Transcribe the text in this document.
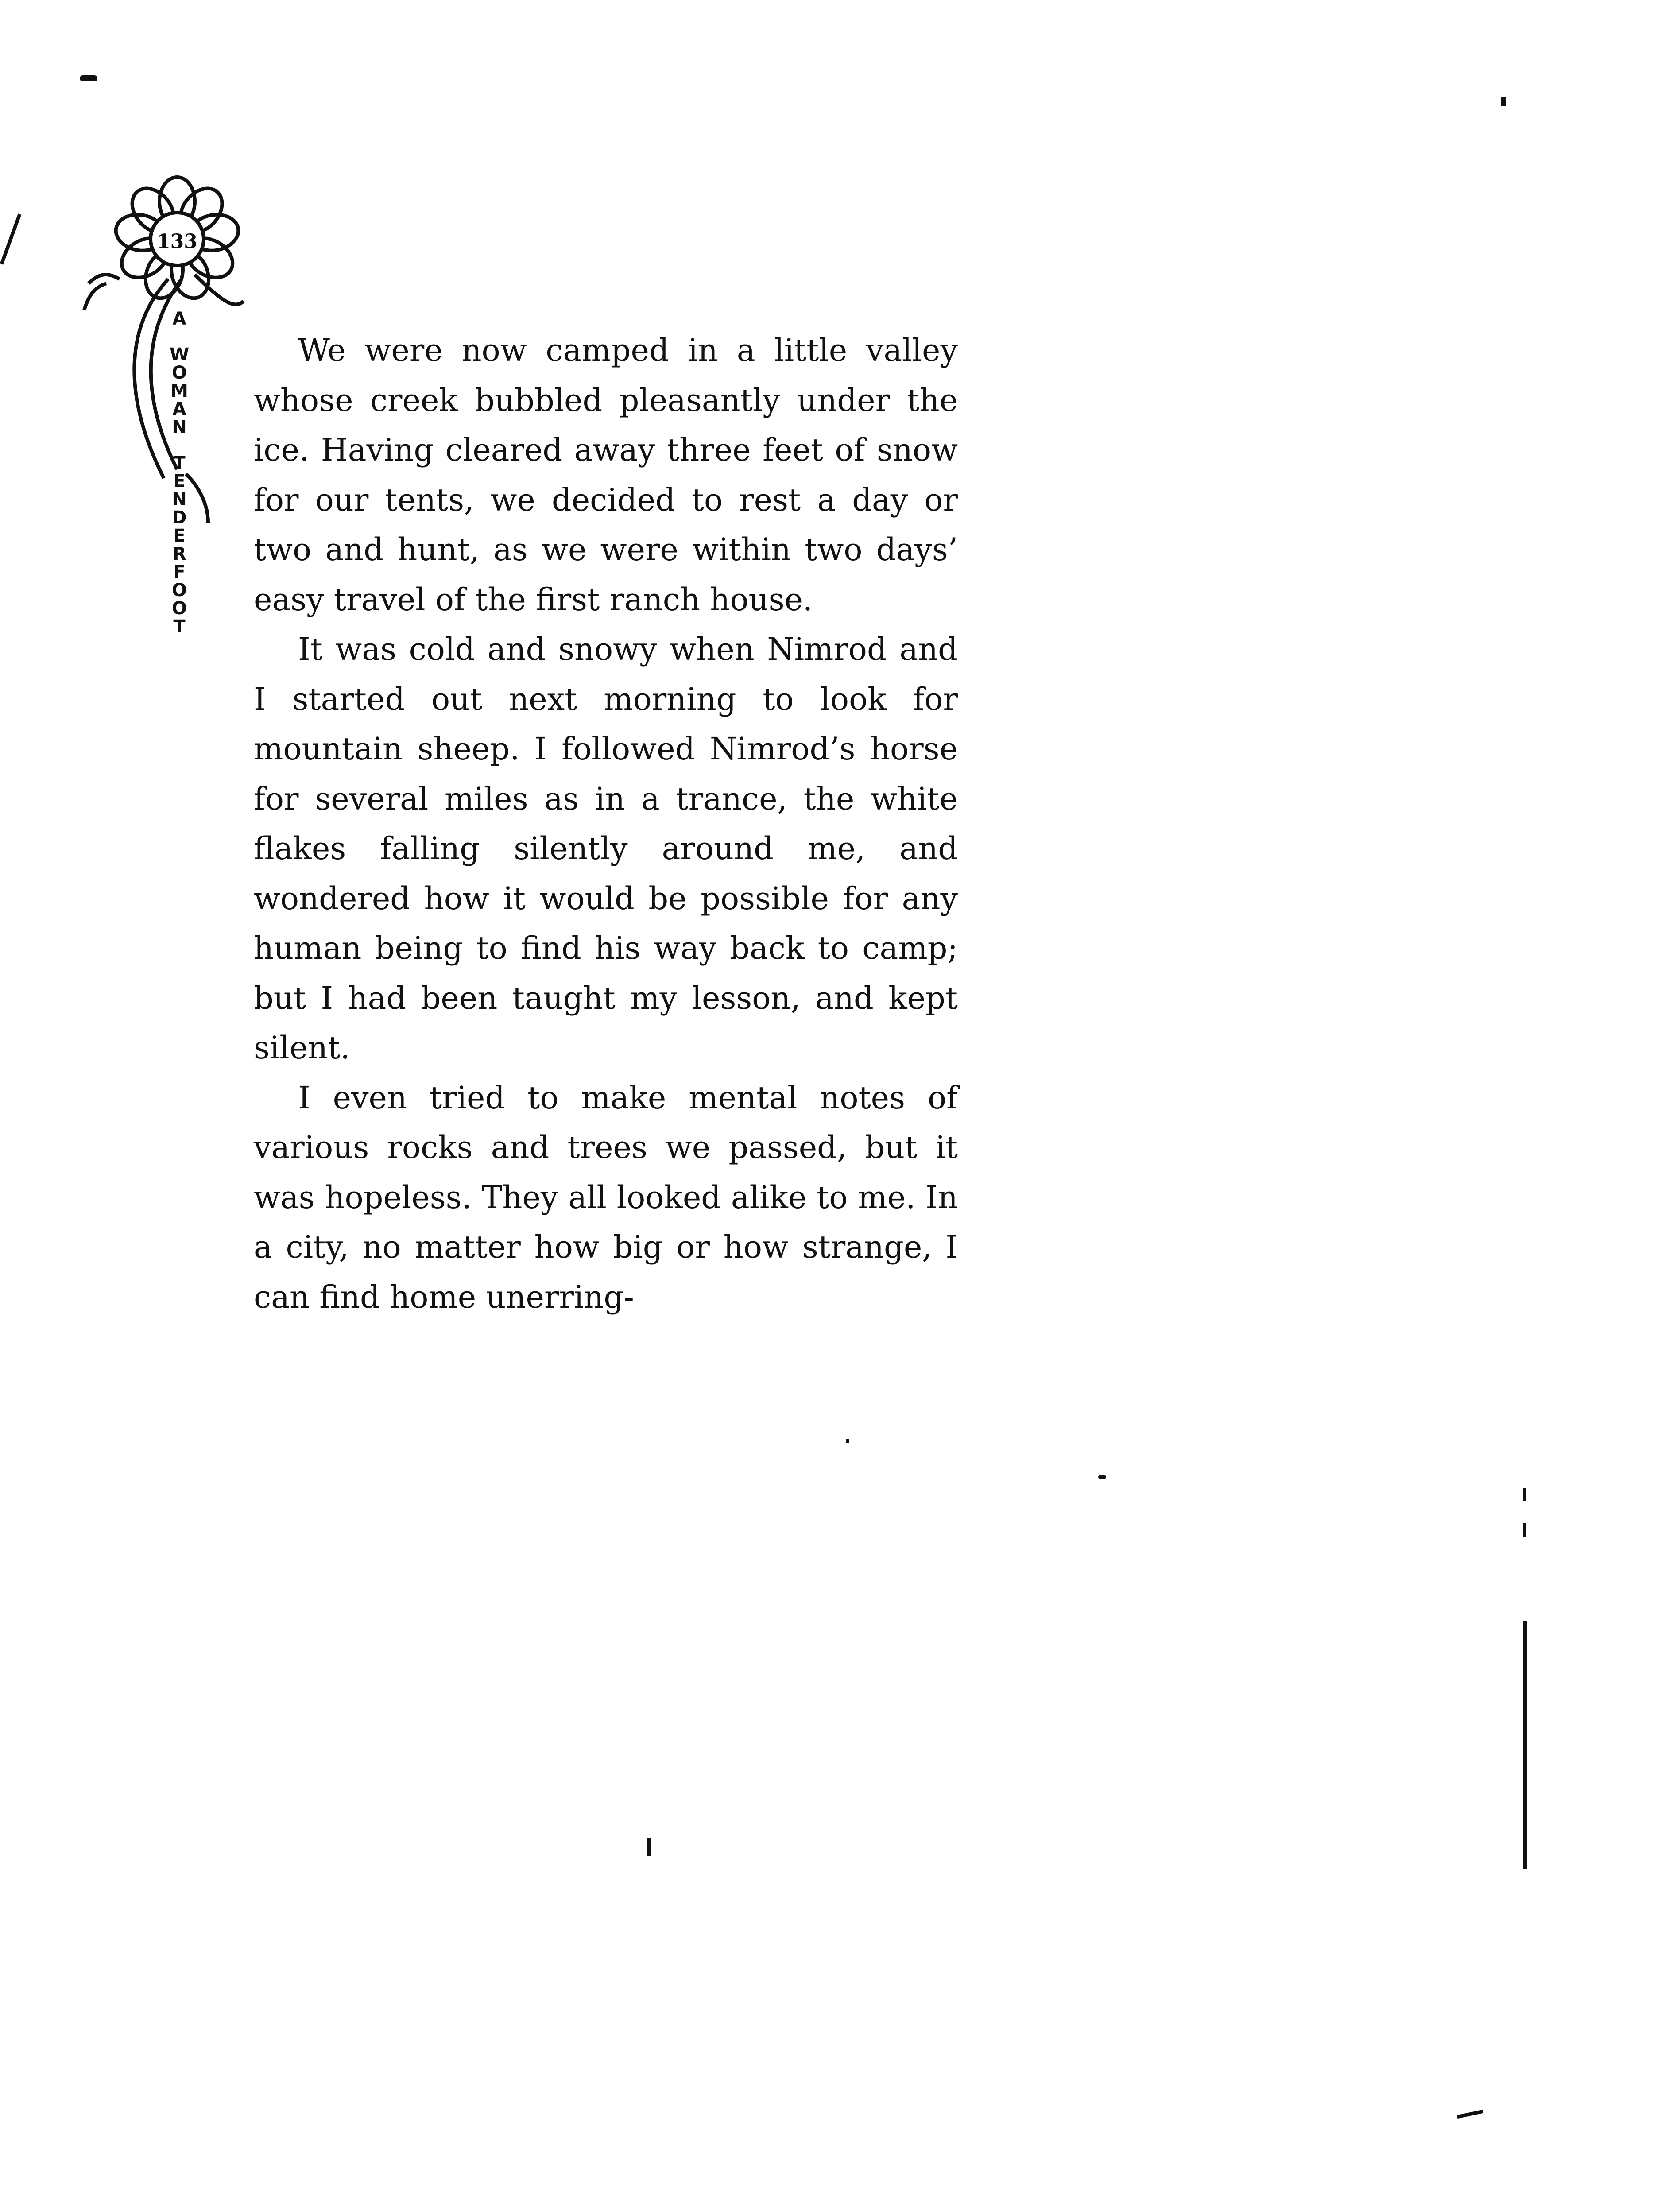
133
A
W
O
M
A
N
T
E
N
D
E
R
F
O
O
T

We were now camped in a little valley whose creek bubbled pleasantly under the ice. Having cleared away three feet of snow for our tents, we decided to rest a day or two and hunt, as we were within two days’ easy travel of the first ranch house.

It was cold and snowy when Nimrod and I started out next morning to look for mountain sheep. I followed Nimrod’s horse for several miles as in a trance, the white flakes falling silently around me, and wondered how it would be possible for any human being to find his way back to camp; but I had been taught my lesson, and kept silent.

I even tried to make mental notes of various rocks and trees we passed, but it was hopeless. They all looked alike to me. In a city, no matter how big or how strange, I can find home unerring-
